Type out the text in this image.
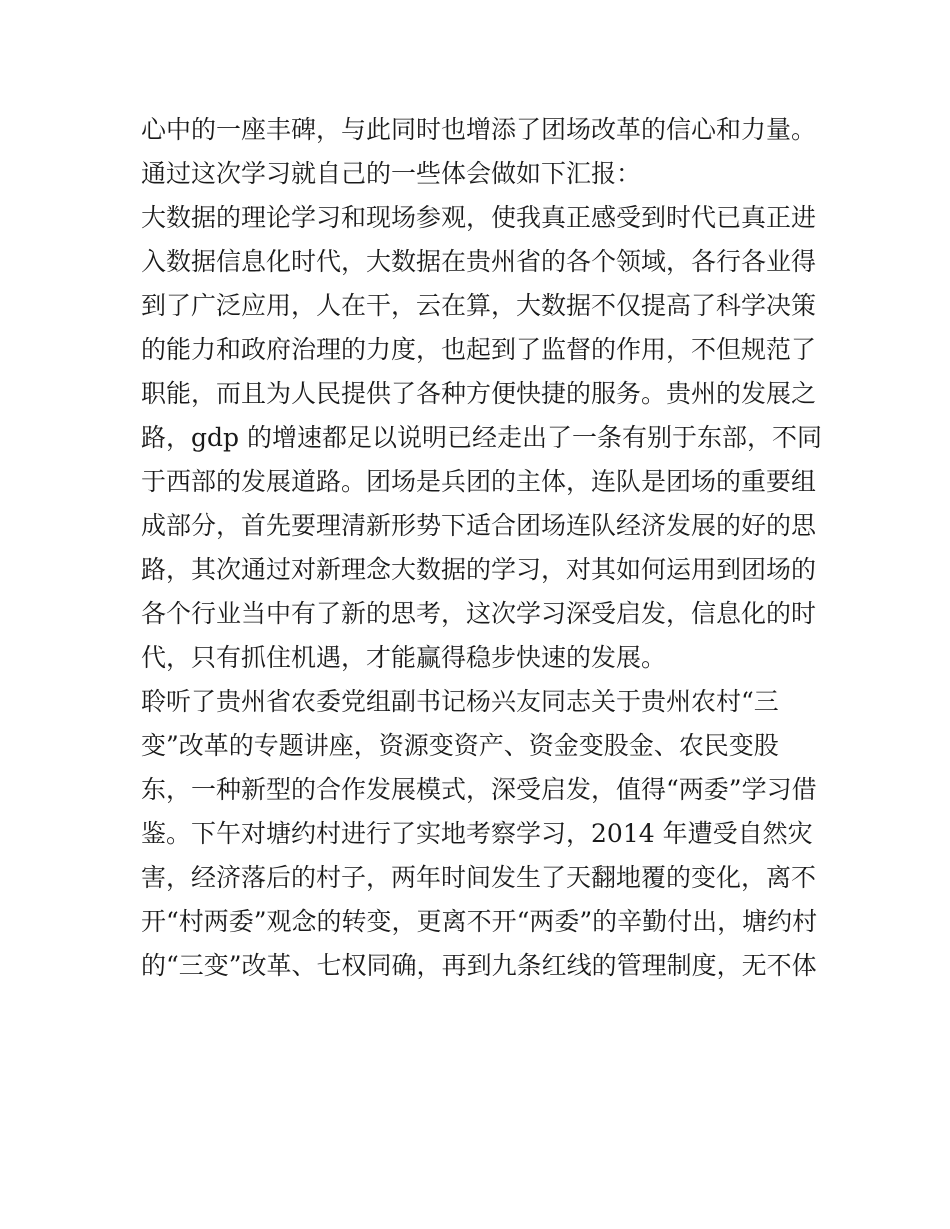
心中的一座丰碑，与此同时也增添了团场改革的信心和力量。
通过这次学习就自己的一些体会做如下汇报：
大数据的理论学习和现场参观，使我真正感受到时代已真正进
入数据信息化时代，大数据在贵州省的各个领域，各行各业得
到了广泛应用，人在干，云在算，大数据不仅提高了科学决策
的能力和政府治理的力度，也起到了监督的作用，不但规范了
职能，而且为人民提供了各种方便快捷的服务。贵州的发展之
路，gdp 的增速都足以说明已经走出了一条有别于东部，不同
于西部的发展道路。团场是兵团的主体，连队是团场的重要组
成部分，首先要理清新形势下适合团场连队经济发展的好的思
路，其次通过对新理念大数据的学习，对其如何运用到团场的
各个行业当中有了新的思考，这次学习深受启发，信息化的时
代，只有抓住机遇，才能赢得稳步快速的发展。
聆听了贵州省农委党组副书记杨兴友同志关于贵州农村“三
变”改革的专题讲座，资源变资产、资金变股金、农民变股
东，一种新型的合作发展模式，深受启发，值得“两委”学习借
鉴。下午对塘约村进行了实地考察学习，2014 年遭受自然灾
害，经济落后的村子，两年时间发生了天翻地覆的变化，离不
开“村两委”观念的转变，更离不开“两委”的辛勤付出，塘约村
的“三变”改革、七权同确，再到九条红线的管理制度，无不体
